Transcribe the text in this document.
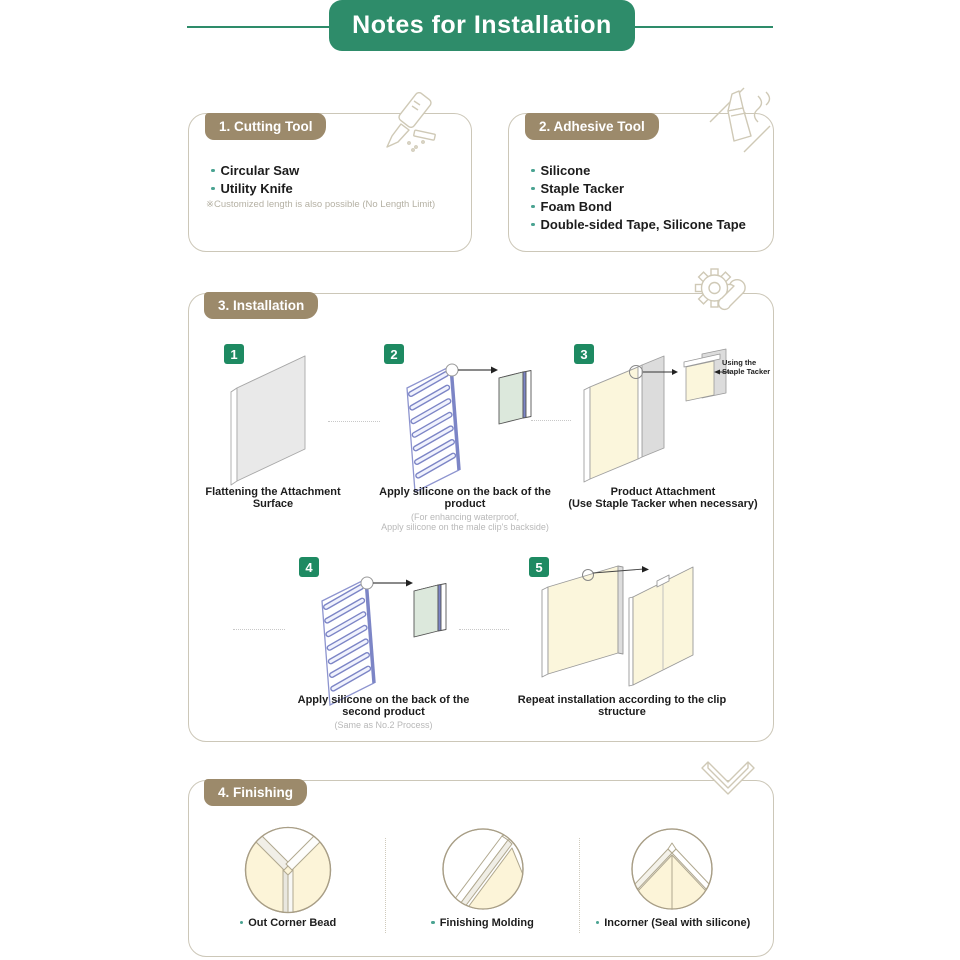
Notes for Installation
1. Cutting Tool
Circular Saw
Utility Knife
※Customized length is also possible (No Length Limit)
2. Adhesive Tool
Silicone
Staple Tacker
Foam Bond
Double-sided Tape, Silicone Tape
3. Installation
1	2	3
4	5
Using the Staple Tacker
Flattening the Attachment Surface
Apply silicone on the back of the product
(For enhancing waterproof,
Apply silicone on the male clip's backside)
Product Attachment
(Use Staple Tacker when necessary)
Apply silicone on the back of the second product
(Same as No.2 Process)
Repeat installation according to the clip structure
4. Finishing
Out Corner Bead	Finishing Molding	Incorner (Seal with silicone)
